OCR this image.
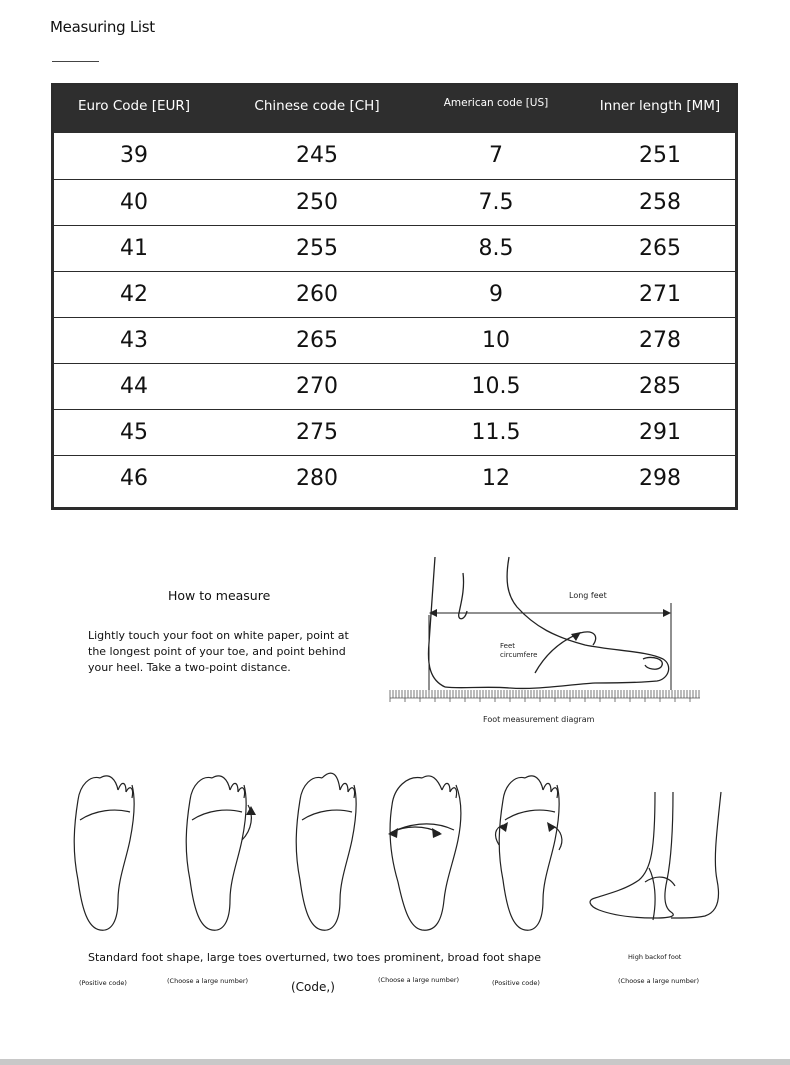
Measuring List
Euro Code [EUR]	Chinese code [CH]	American code [US]	Inner length [MM]
39	245	7	251
40	250	7.5	258
41	255	8.5	265
42	260	9	271
43	265	10	278
44	270	10.5	285
45	275	11.5	291
46	280	12	298
How to measure
Lightly touch your foot on white paper, point at the longest point of your toe, and point behind your heel. Take a two-point distance.
Long feet
Feet
circumfere
Foot measurement diagram
Standard foot shape, large toes overturned, two toes prominent, broad foot shape
(Positive code)	(Choose a large number)	(Code,)	(Choose a large number)	(Positive code)
High backof foot
(Choose a large number)
